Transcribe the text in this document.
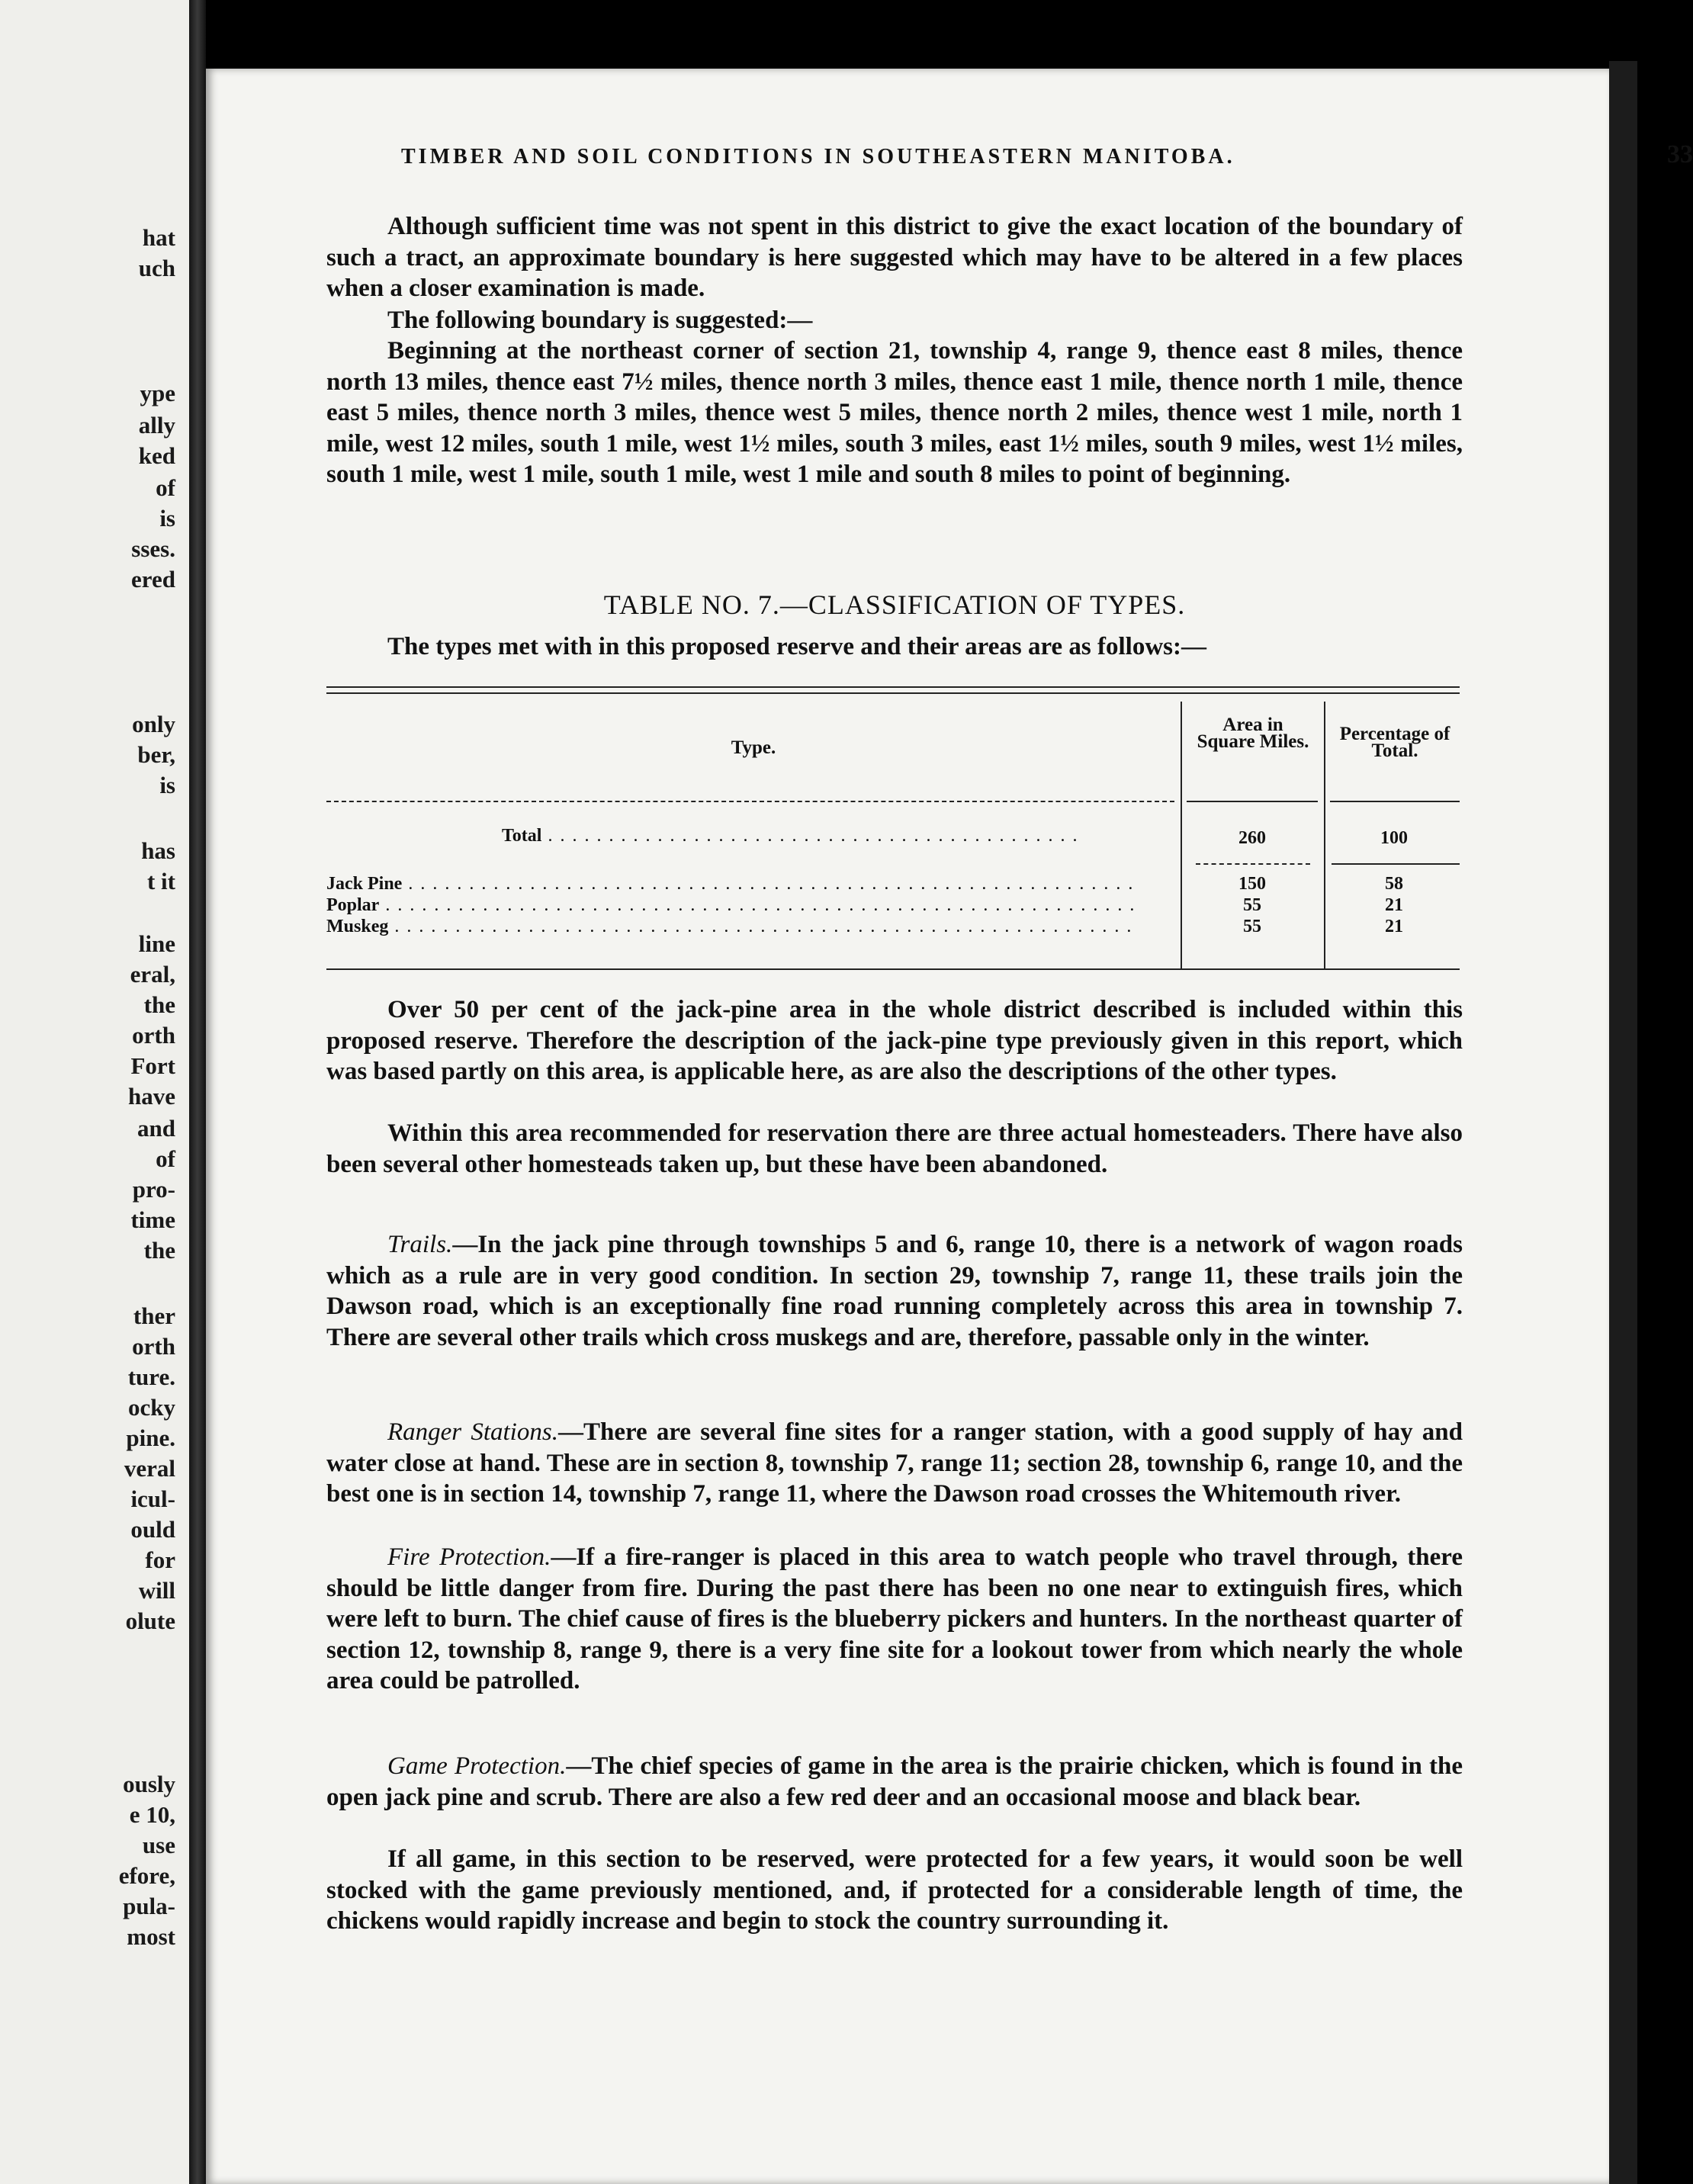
hat
uch
ype
ally
ked
of
is
sses.
ered
only
ber,
is
has
t it
line
eral,
the
orth
Fort
have
and
of
pro-
time
the
ther
orth
ture.
ocky
pine.
veral
icul-
ould
for
will
olute
ously
e 10,
use
efore,
pula-
most
TIMBER AND SOIL CONDITIONS IN SOUTHEASTERN MANITOBA.	33
Although sufficient time was not spent in this district to give the exact location of the boundary of such a tract, an approximate boundary is here suggested which may have to be altered in a few places when a closer examination is made.
The following boundary is suggested:—
Beginning at the northeast corner of section 21, township 4, range 9, thence east 8 miles, thence north 13 miles, thence east 7½ miles, thence north 3 miles, thence east 1 mile, thence north 1 mile, thence east 5 miles, thence north 3 miles, thence west 5 miles, thence north 2 miles, thence west 1 mile, north 1 mile, west 12 miles, south 1 mile, west 1½ miles, south 3 miles, east 1½ miles, south 9 miles, west 1½ miles, south 1 mile, west 1 mile, south 1 mile, west 1 mile and south 8 miles to point of beginning.
TABLE NO. 7.—CLASSIFICATION OF TYPES.
The types met with in this proposed reserve and their areas are as follows:—
Type.
Area in Square Miles.	Percentage of Total.
Total . . . . . . . . . . . . . . . . . . . . . . . . . . . . . . . . . . . . . . . . . . . .	260	100
Jack Pine . . . . . . . . . . . . . . . . . . . . . . . . . . . . . . . . . . . . . . . . . . . . . . . . . . . . . . . . . . . .	150	58
Poplar . . . . . . . . . . . . . . . . . . . . . . . . . . . . . . . . . . . . . . . . . . . . . . . . . . . . . . . . . . . . . .	55	21
Muskeg . . . . . . . . . . . . . . . . . . . . . . . . . . . . . . . . . . . . . . . . . . . . . . . . . . . . . . . . . . . . .	55	21
Over 50 per cent of the jack-pine area in the whole district described is included within this proposed reserve. Therefore the description of the jack-pine type previously given in this report, which was based partly on this area, is applicable here, as are also the descriptions of the other types.
Within this area recommended for reservation there are three actual homesteaders. There have also been several other homesteads taken up, but these have been abandoned.
Trails.—In the jack pine through townships 5 and 6, range 10, there is a network of wagon roads which as a rule are in very good condition. In section 29, township 7, range 11, these trails join the Dawson road, which is an exceptionally fine road running completely across this area in township 7. There are several other trails which cross muskegs and are, therefore, passable only in the winter.
Ranger Stations.—There are several fine sites for a ranger station, with a good supply of hay and water close at hand. These are in section 8, township 7, range 11; section 28, township 6, range 10, and the best one is in section 14, township 7, range 11, where the Dawson road crosses the Whitemouth river.
Fire Protection.—If a fire-ranger is placed in this area to watch people who travel through, there should be little danger from fire. During the past there has been no one near to extinguish fires, which were left to burn. The chief cause of fires is the blueberry pickers and hunters. In the northeast quarter of section 12, township 8, range 9, there is a very fine site for a lookout tower from which nearly the whole area could be patrolled.
Game Protection.—The chief species of game in the area is the prairie chicken, which is found in the open jack pine and scrub. There are also a few red deer and an occasional moose and black bear.
If all game, in this section to be reserved, were protected for a few years, it would soon be well stocked with the game previously mentioned, and, if protected for a considerable length of time, the chickens would rapidly increase and begin to stock the country surrounding it.
